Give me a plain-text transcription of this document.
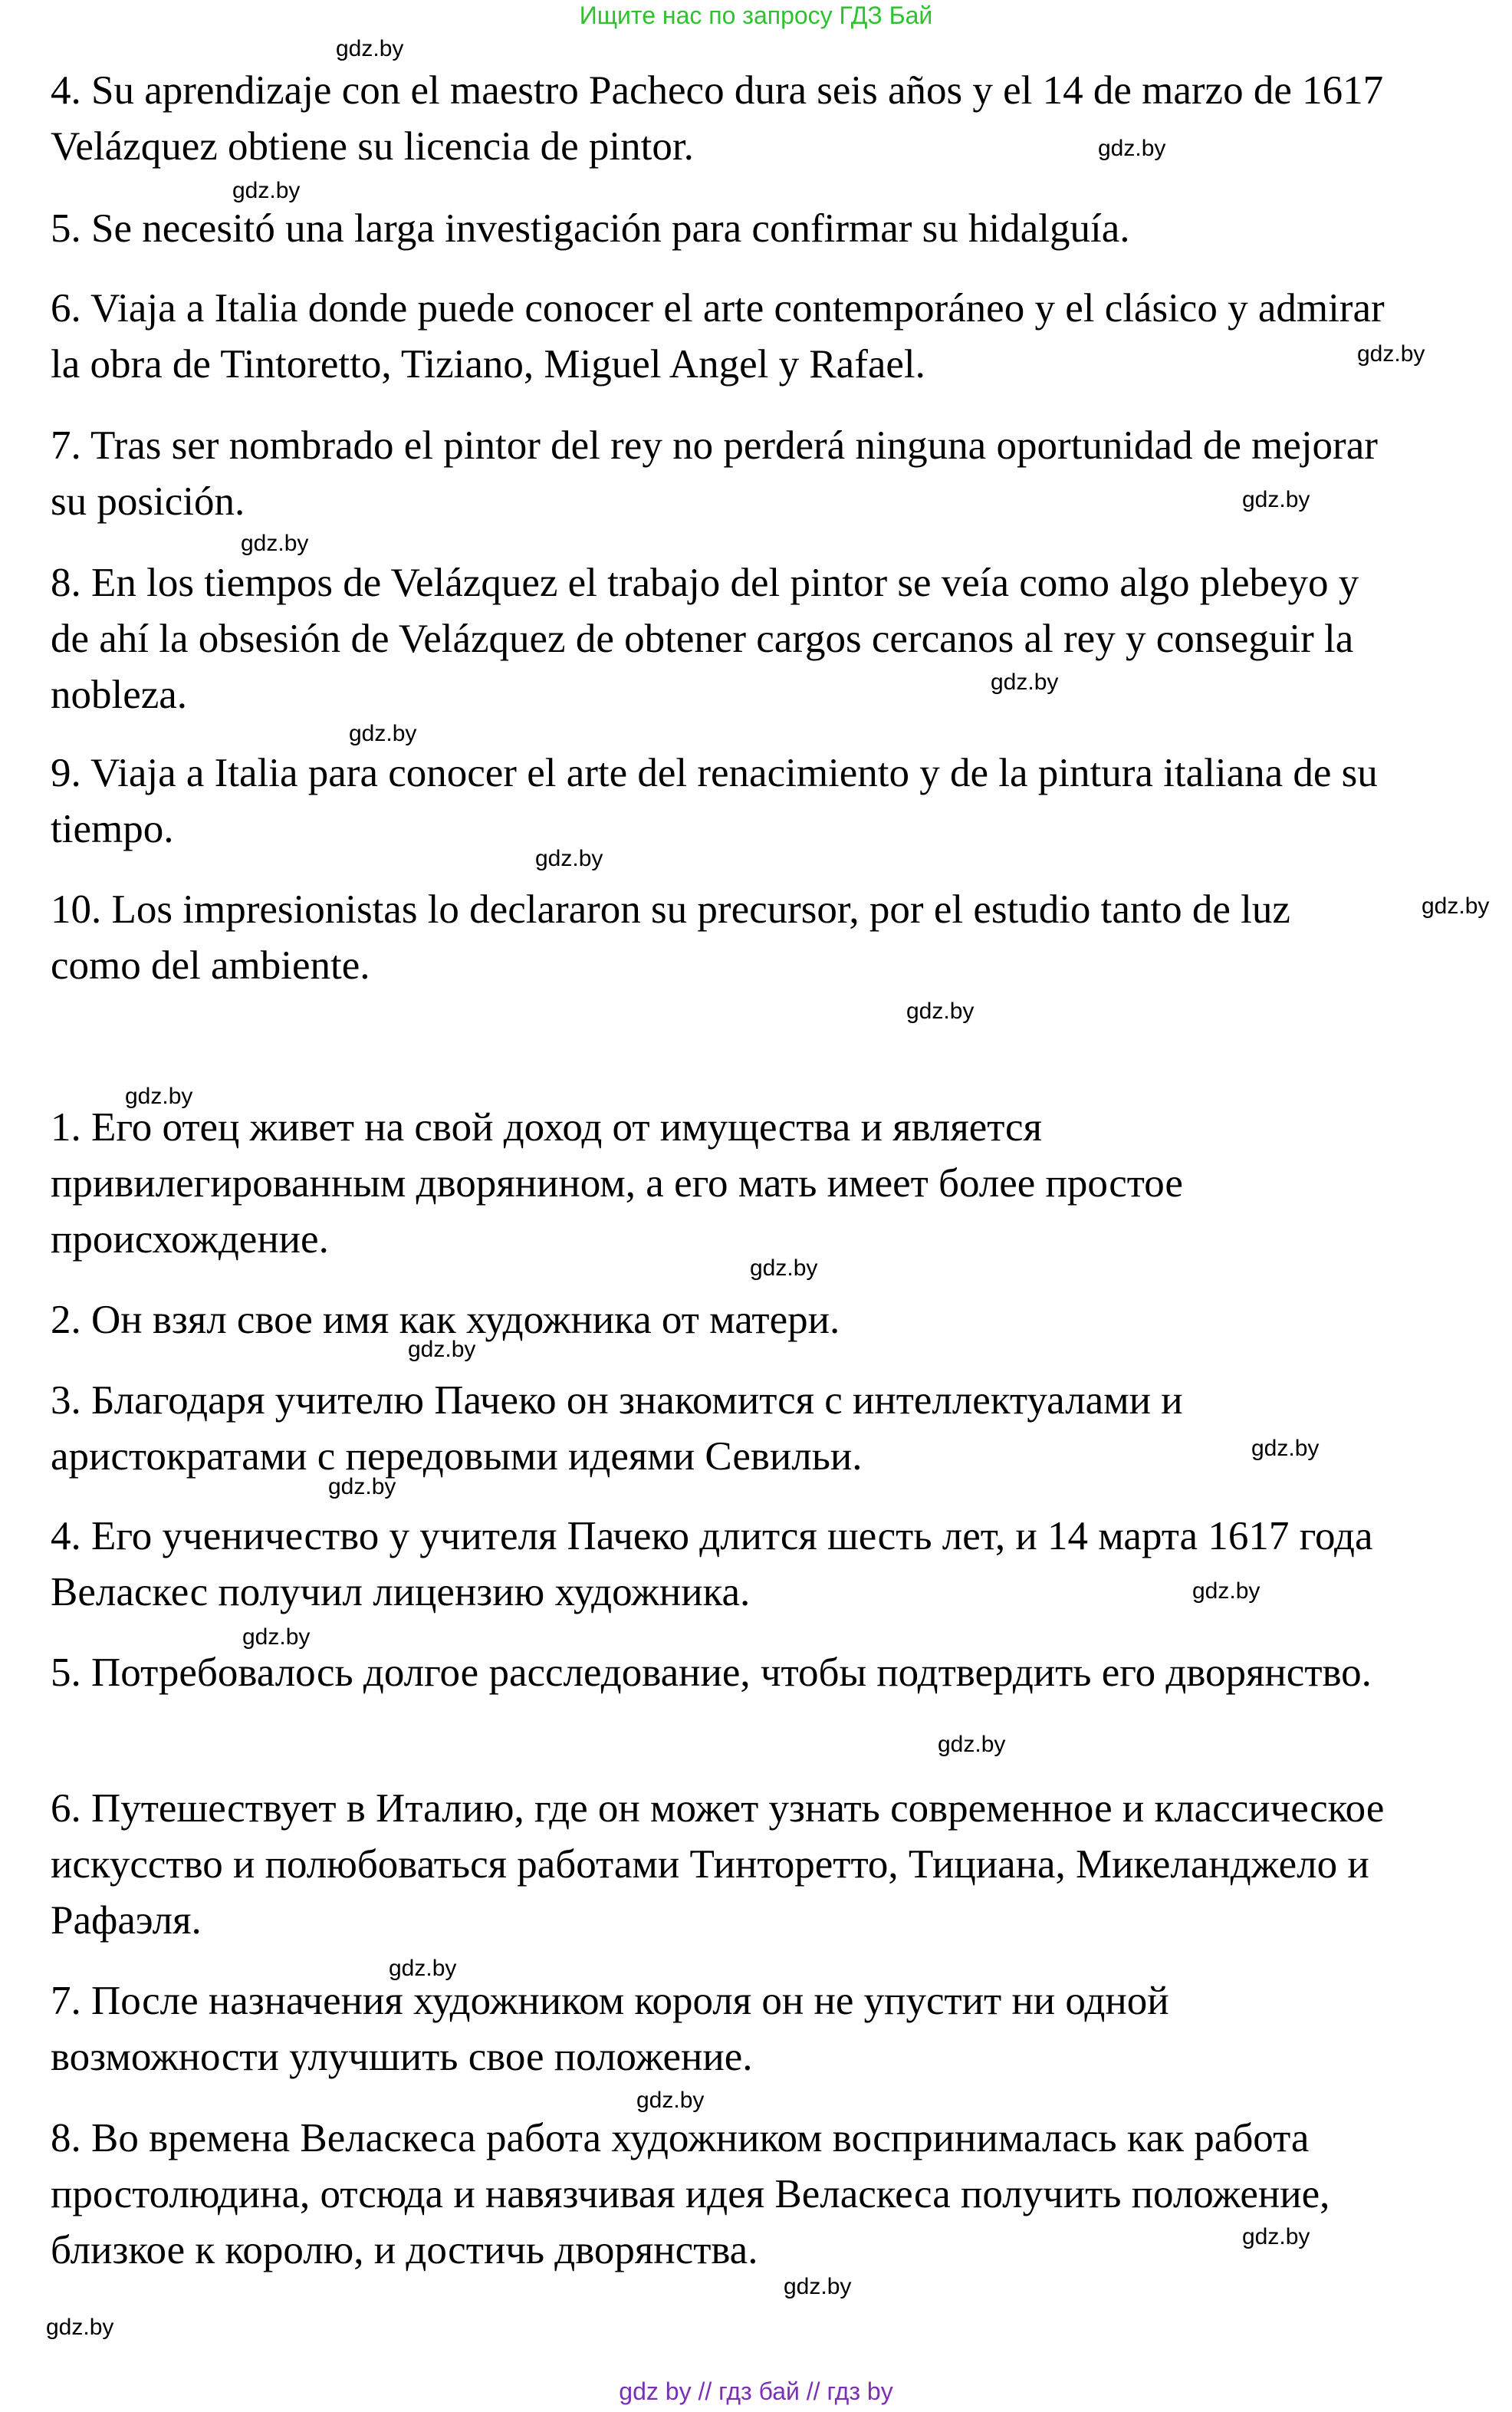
Ищите нас по запросу ГДЗ Бай

4. Su aprendizaje con el maestro Pacheco dura seis años y el 14 de marzo de 1617 Velázquez obtiene su licencia de pintor.

5. Se necesitó una larga investigación para confirmar su hidalguía.

6. Viaja a Italia donde puede conocer el arte contemporáneo y el clásico y admirar la obra de Tintoretto, Tiziano, Miguel Angel y Rafael.

7. Tras ser nombrado el pintor del rey no perderá ninguna oportunidad de mejorar su posición.

8. En los tiempos de Velázquez el trabajo del pintor se veía como algo plebeyo y de ahí la obsesión de Velázquez de obtener cargos cercanos al rey y conseguir la nobleza.

9. Viaja a Italia para conocer el arte del renacimiento y de la pintura italiana de su tiempo.

10. Los impresionistas lo declararon su precursor, por el estudio tanto de luz como del ambiente.

1. Его отец живет на свой доход от имущества и является привилегированным дворянином, а его мать имеет более простое происхождение.

2. Он взял свое имя как художника от матери.

3. Благодаря учителю Пачеко он знакомится с интеллектуалами и аристократами с передовыми идеями Севильи.

4. Его ученичество у учителя Пачеко длится шесть лет, и 14 марта 1617 года Веласкес получил лицензию художника.

5. Потребовалось долгое расследование, чтобы подтвердить его дворянство.

6. Путешествует в Италию, где он может узнать современное и классическое искусство и полюбоваться работами Тинторетто, Тициана, Микеланджело и Рафаэля.

7. После назначения художником короля он не упустит ни одной возможности улучшить свое положение.

8. Во времена Веласкеса работа художником воспринималась как работа простолюдина, отсюда и навязчивая идея Веласкеса получить положение, близкое к королю, и достичь дворянства.

gdz.by
gdz.by
gdz.by
gdz.by
gdz.by
gdz.by
gdz.by
gdz.by
gdz.by
gdz.by
gdz.by
gdz.by
gdz.by
gdz.by
gdz.by
gdz.by
gdz.by
gdz.by
gdz.by
gdz.by
gdz.by
gdz.by
gdz.by
gdz.by
gdz by // гдз бай // гдз by
